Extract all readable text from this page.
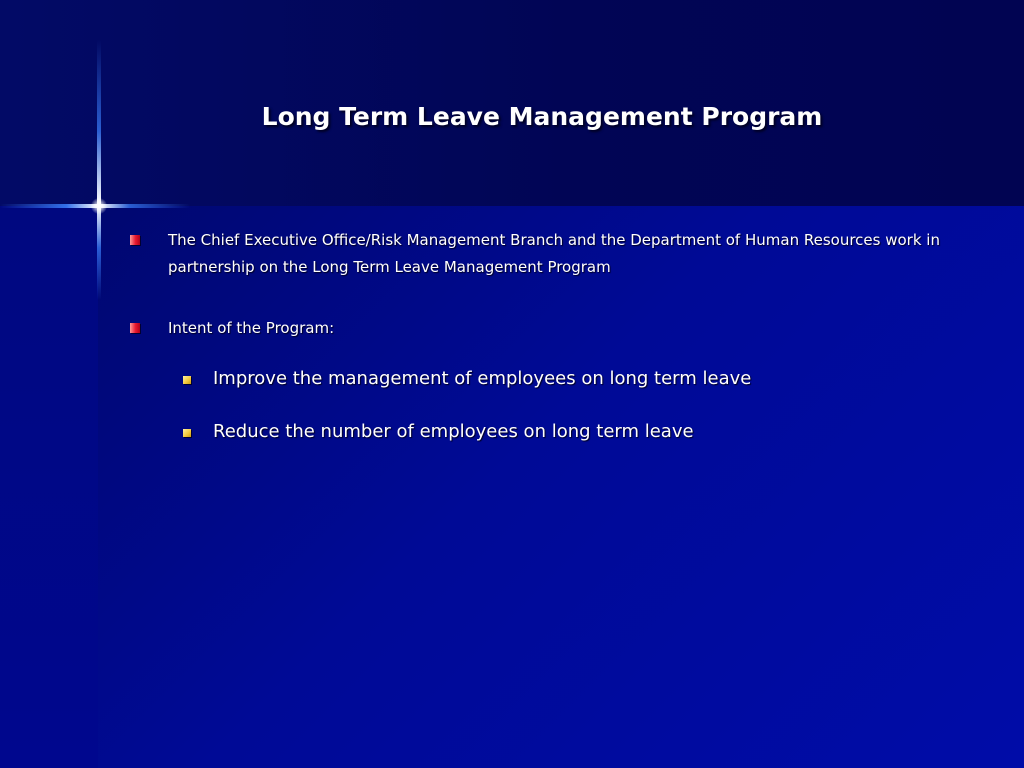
Long Term Leave Management Program
The Chief Executive Office/Risk Management Branch and the Department of Human Resources work in partnership on the Long Term Leave Management Program
Intent of the Program:
Improve the management of employees on long term leave
Reduce the number of employees on long term leave
